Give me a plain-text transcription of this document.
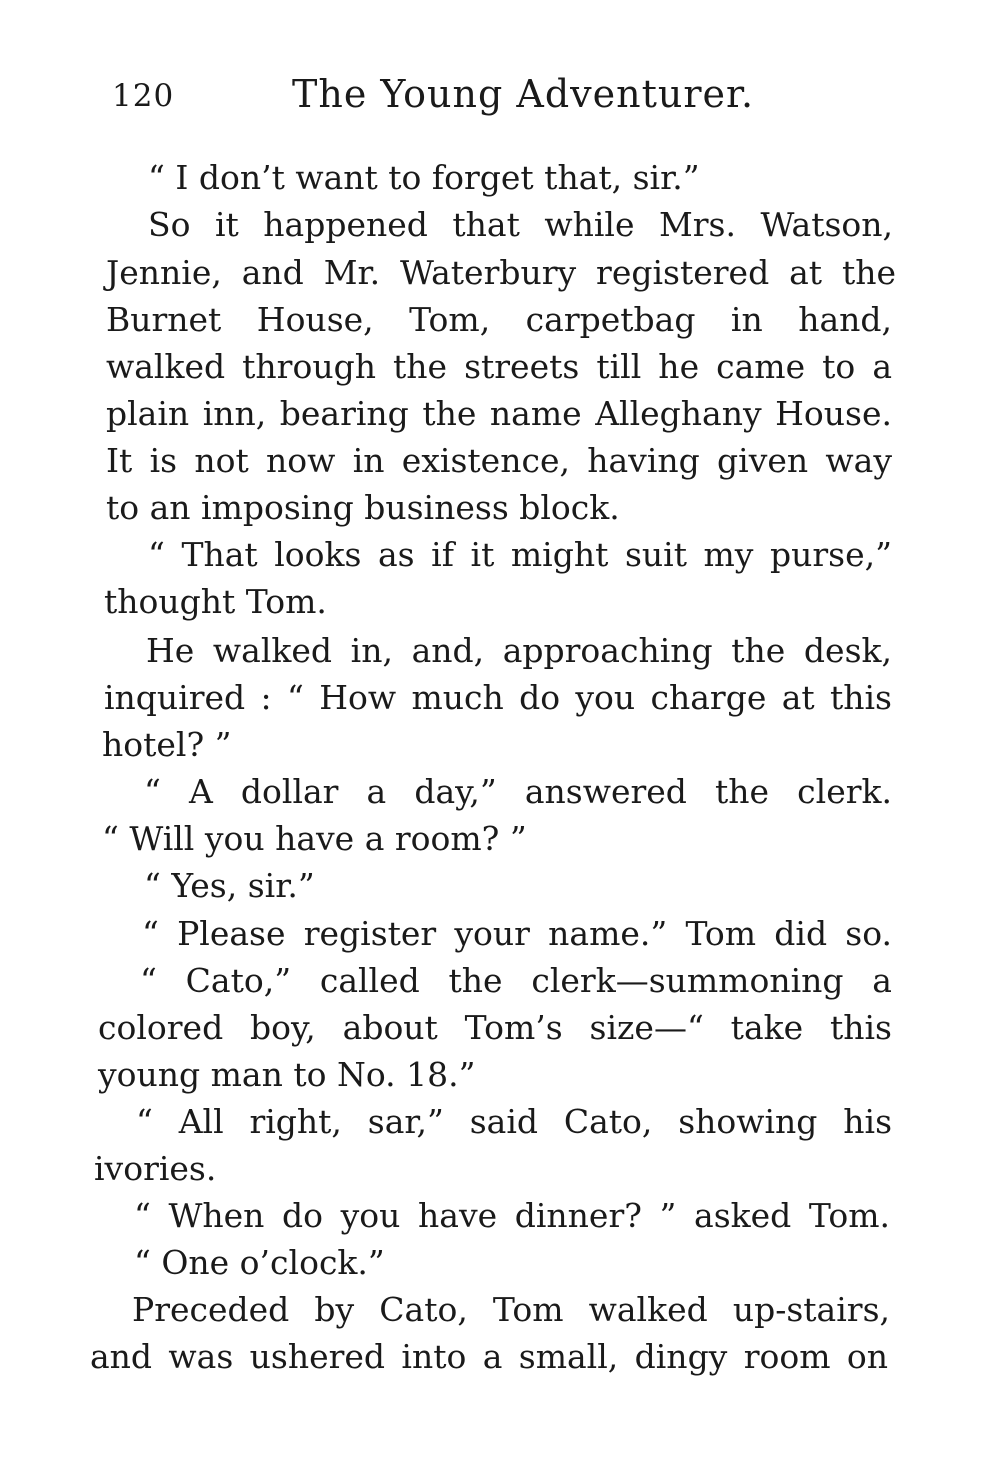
120	The Young Adventurer.
“ I don’t want to forget that, sir.”
So it happened that while Mrs. Watson,
Jennie, and Mr. Waterbury registered at the
Burnet House, Tom, carpetbag in hand,
walked through the streets till he came to a
plain inn, bearing the name Alleghany House.
It is not now in existence, having given way
to an imposing business block.
“ That looks as if it might suit my purse,”
thought Tom.
He walked in, and, approaching the desk,
inquired : “ How much do you charge at this
hotel? ”
“ A dollar a day,” answered the clerk.
“ Will you have a room? ”
“ Yes, sir.”
“ Please register your name.” Tom did so.
“ Cato,” called the clerk—summoning a
colored boy, about Tom’s size—“ take this
young man to No. 18.”
“ All right, sar,” said Cato, showing his
ivories.
“ When do you have dinner? ” asked Tom.
“ One o’clock.”
Preceded by Cato, Tom walked up-stairs,
and was ushered into a small, dingy room on
